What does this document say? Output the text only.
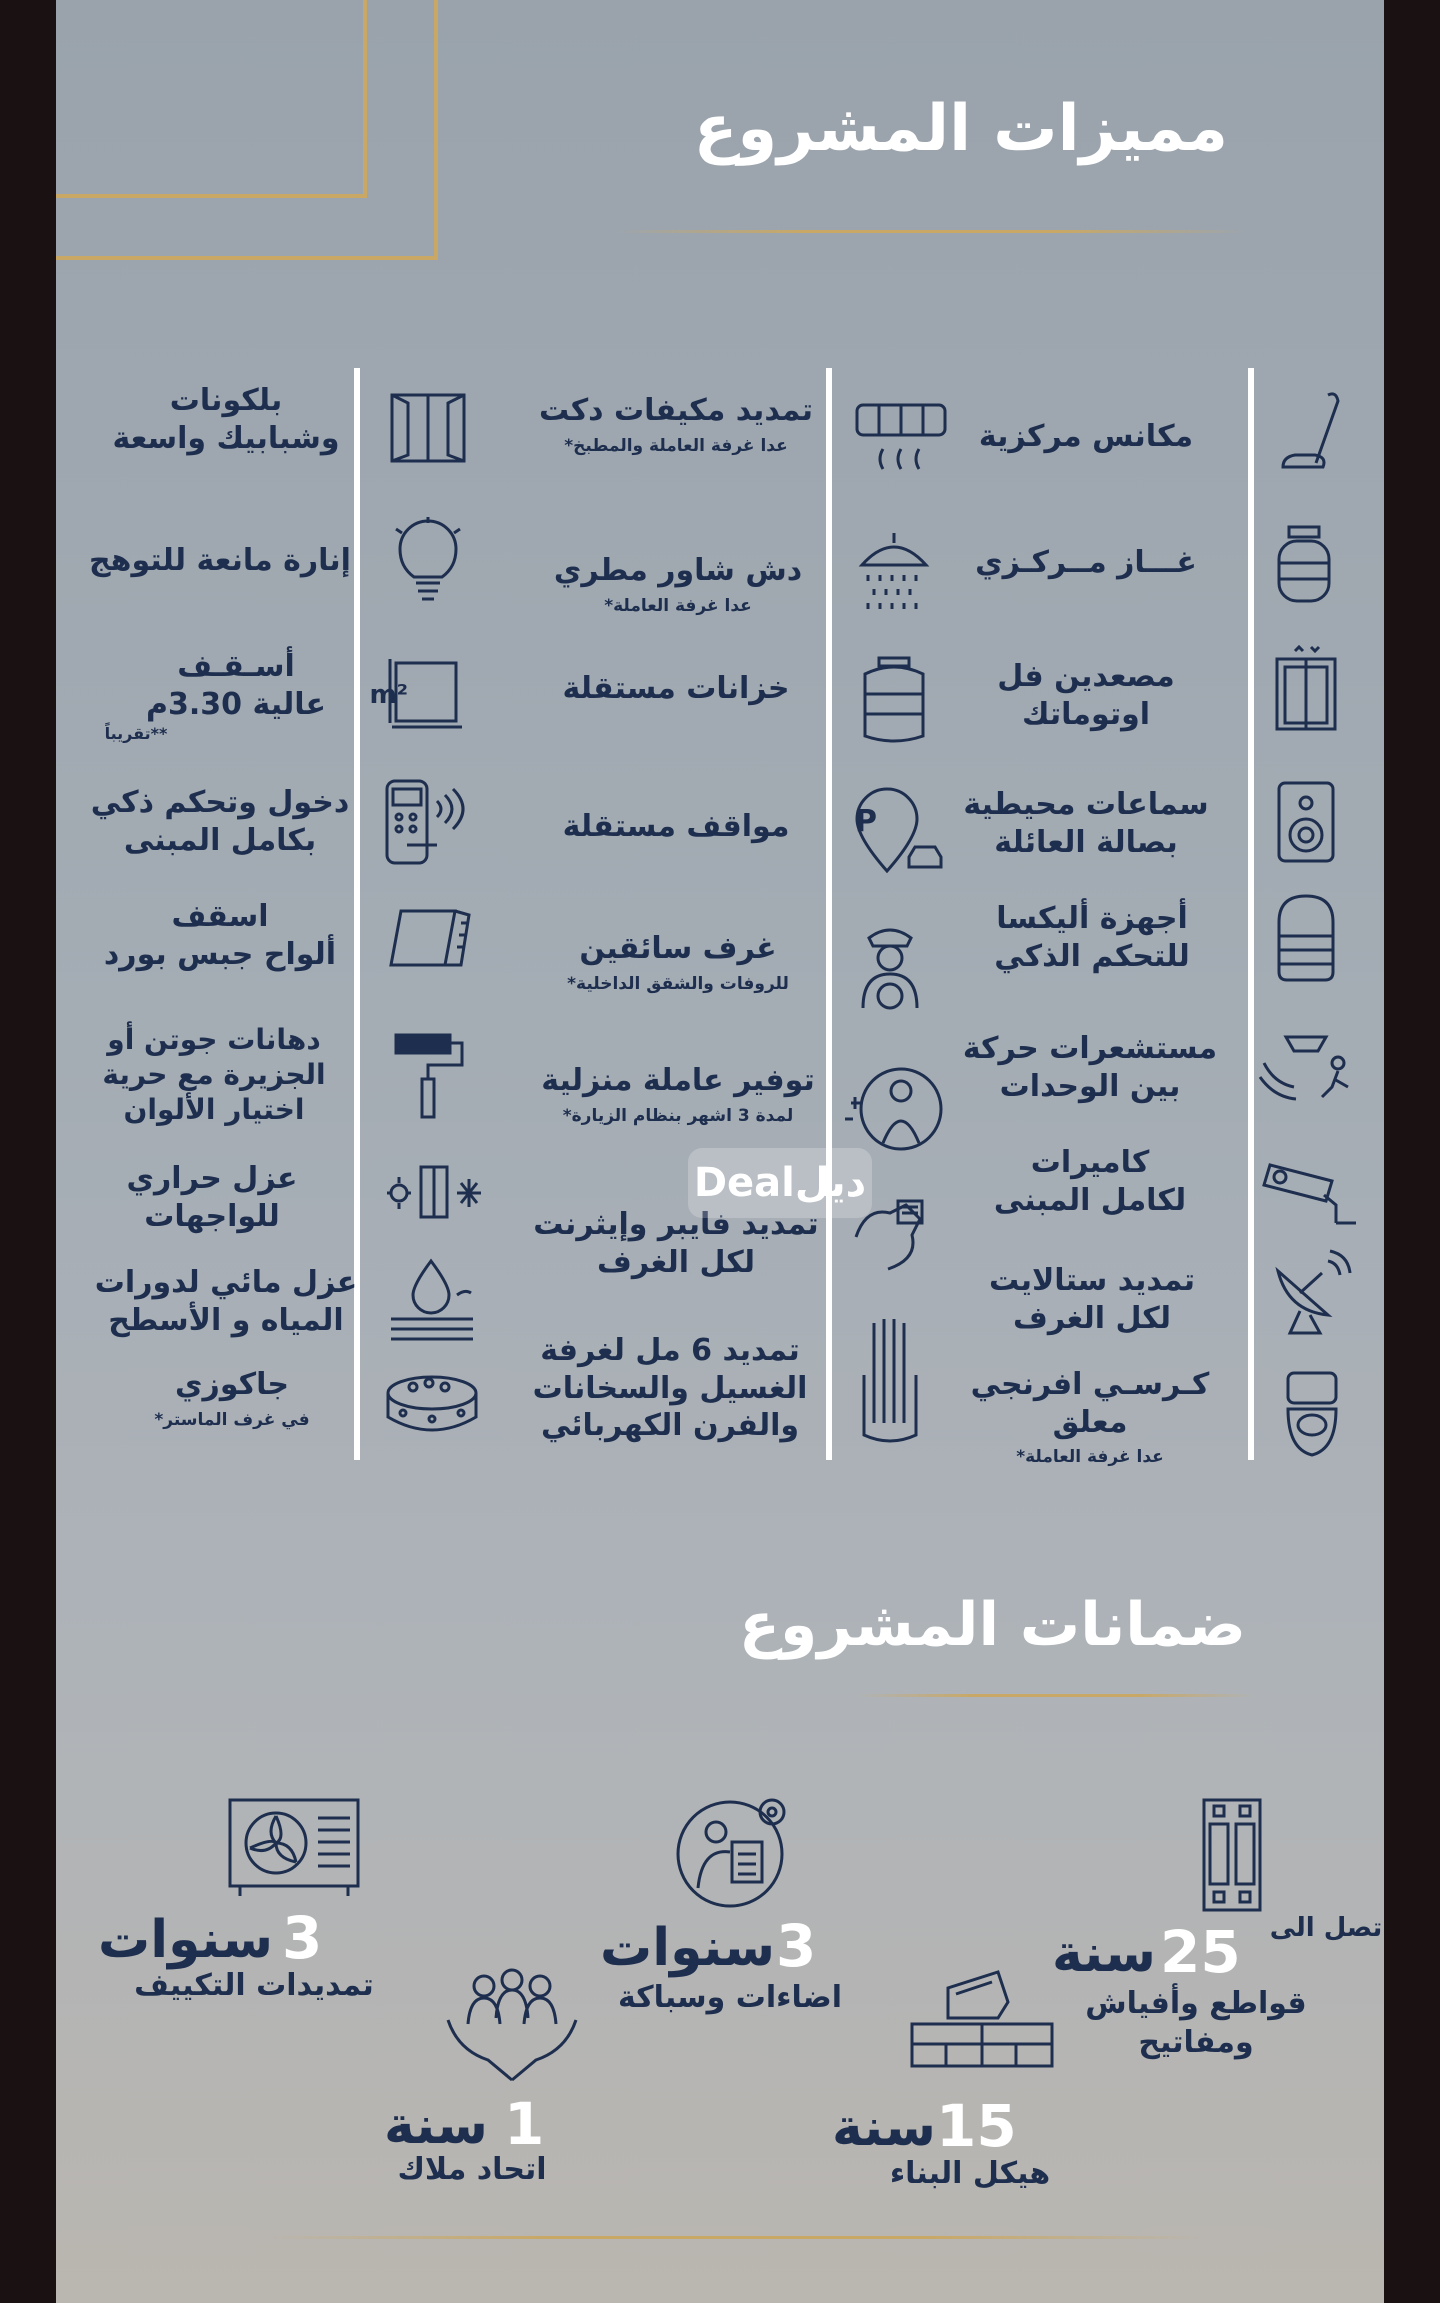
مميزات المشروع
مكانس مركزية
غـــاز مــركـزي
مصعدين فل
اوتوماتك
سماعات محيطية
بصالة العائلة
أجهزة أليكسا
للتحكم الذكي
مستشعرات حركة
بين الوحدات
كاميرات
لكامل المبنى
تمديد ستالايت
لكل الغرف
كـرسـي افرنجي
معلق
عدا غرفة العاملة*
تمديد مكيفات دكت
عدا غرفة العاملة والمطبخ*
دش شاور مطري
عدا غرفة العاملة*
خزانات مستقلة
P
مواقف مستقلة
غرف سائقين
للروفات والشقق الداخلية*
توفير عاملة منزلية
لمدة 3 اشهر بنظام الزيارة*
تمديد فايبر وإيثرنت
لكل الغرف
تمديد 6 مل لغرفة
الغسيل والسخانات
والفرن الكهربائي
بلكونات
وشبابيك واسعة
إنارة مانعة للتوهج
m²
أسـقـف
عالية 3.30م
**تقريباً
دخول وتحكم ذكي
بكامل المبنى
اسقف
ألواح جبس بورد
دهانات جوتن أو
الجزيرة مع حرية
اختيار الألوان
عزل حراري
للواجهات
عزل مائي لدورات
المياه و الأسطح
جاكوزي
في غرف الماستر*
ديلDeal
ضمانات المشروع
تصل الى
25
سنة
قواطع وأفياش
ومفاتيح
3
سنوات
اضاءات وسباكة
3
سنوات
تمديدات التكييف
15
سنة
هيكل البناء
1
سنة
اتحاد ملاك
